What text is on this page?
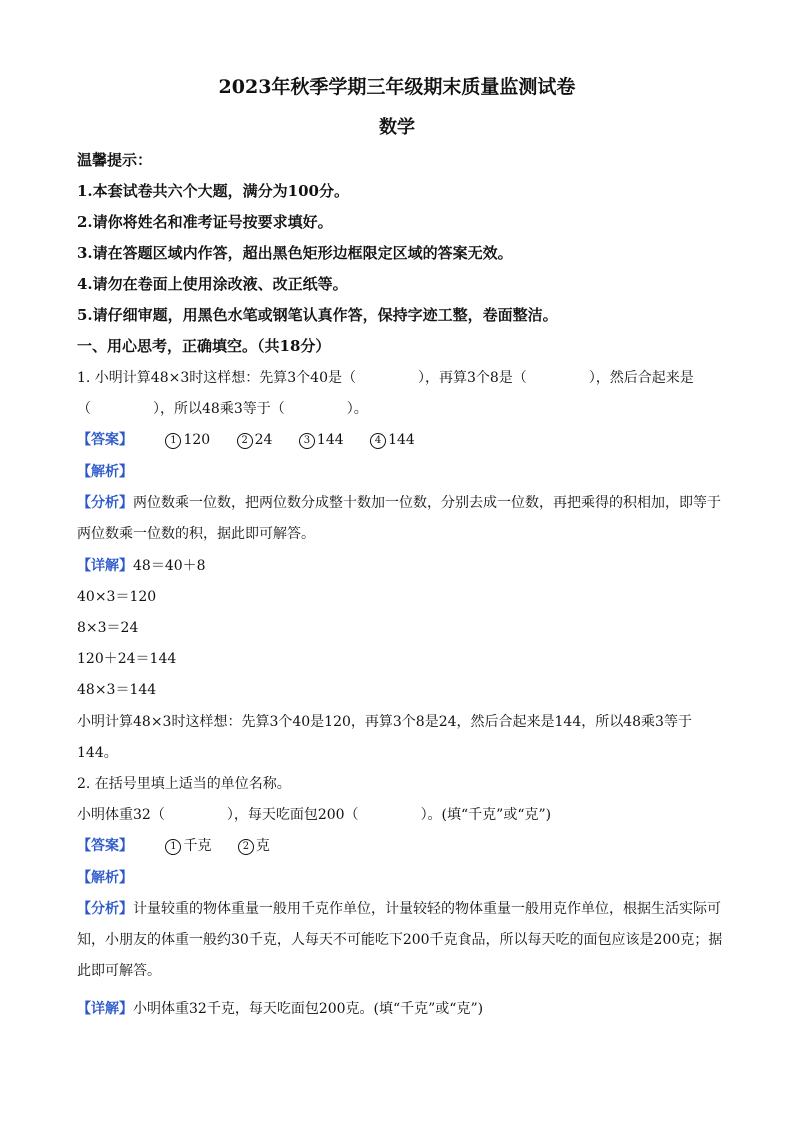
2023年秋季学期三年级期末质量监测试卷
数学
温馨提示：
1.本套试卷共六个大题，满分为100分。
2.请你将姓名和准考证号按要求填好。
3.请在答题区域内作答，超出黑色矩形边框限定区域的答案无效。
4.请勿在卷面上使用涂改液、改正纸等。
5.请仔细审题，用黑色水笔或钢笔认真作答，保持字迹工整，卷面整洁。
一、用心思考，正确填空。（共18分）
1. 小明计算48×3时这样想：先算3个40是（	），再算3个8是（	），然后合起来是
（	），所以48乘3等于（	）。
【答案】	1 120	2 24	3 144	4 144
【解析】
【分析】两位数乘一位数，把两位数分成整十数加一位数，分别去成一位数，再把乘得的积相加，即等于
两位数乘一位数的积，据此即可解答。
【详解】48＝40＋8
40×3＝120
8×3＝24
120＋24＝144
48×3＝144
小明计算48×3时这样想：先算3个40是120，再算3个8是24，然后合起来是144，所以48乘3等于
144。
2. 在括号里填上适当的单位名称。
小明体重32（	），每天吃面包200（	）。(填“千克”或“克”)
【答案】	1 千克	2 克
【解析】
【分析】计量较重的物体重量一般用千克作单位，计量较轻的物体重量一般用克作单位，根据生活实际可
知，小朋友的体重一般约30千克，人每天不可能吃下200千克食品，所以每天吃的面包应该是200克；据
此即可解答。
【详解】小明体重32千克，每天吃面包200克。(填“千克”或“克”)
